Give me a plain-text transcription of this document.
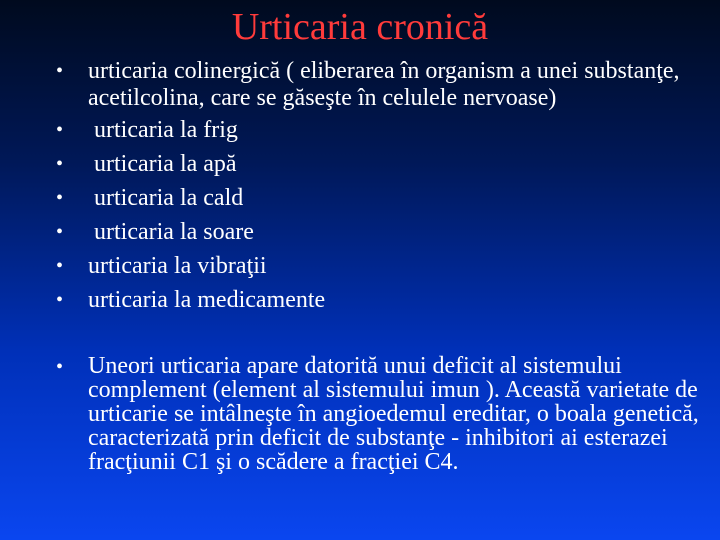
Urticaria cronică
• urticaria colinergică ( eliberarea în organism a unei substanţe, acetilcolina, care se găseşte în celulele nervoase)
• urticaria la frig
• urticaria la apă
• urticaria la cald
• urticaria la soare
• urticaria la vibraţii
• urticaria la medicamente
• Uneori urticaria apare datorită unui deficit al sistemului complement (element al sistemului imun ). Această varietate de urticarie se intâlneşte în angioedemul ereditar, o boala genetică, caracterizată prin deficit de substanţe - inhibitori ai esterazei fracţiunii C1 şi o scădere a fracţiei C4.
